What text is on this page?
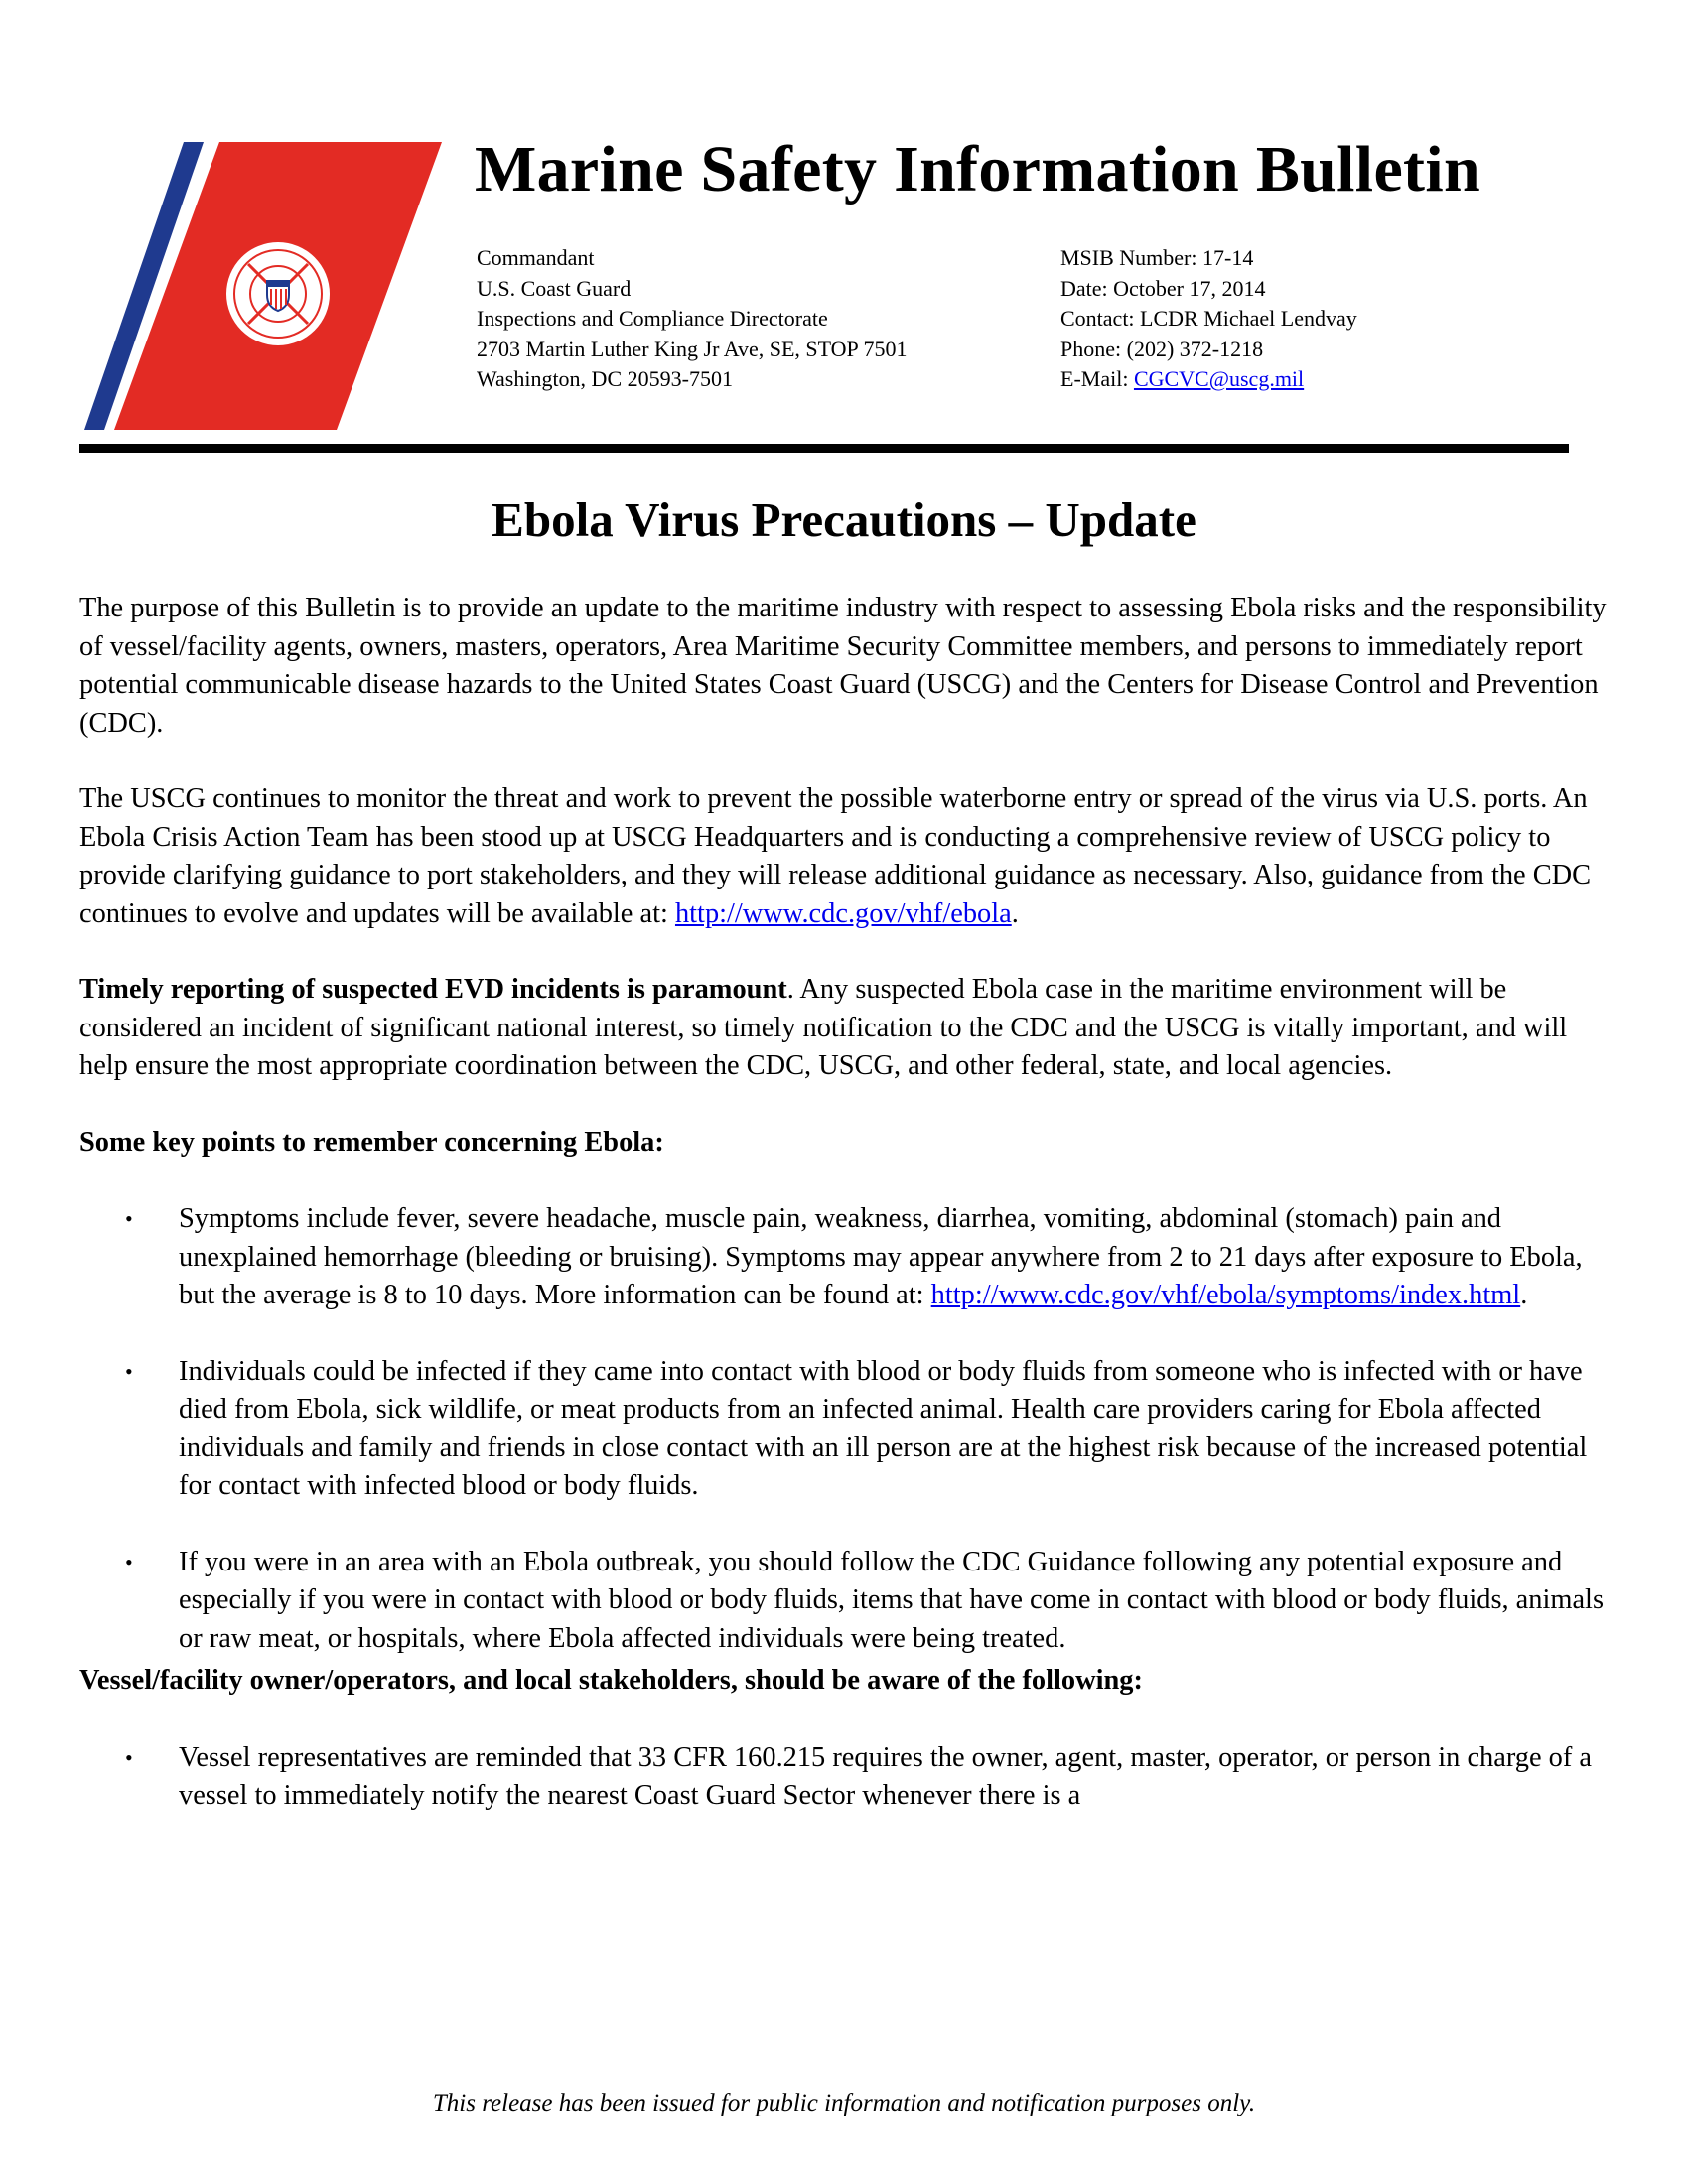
Marine Safety Information Bulletin
Commandant
U.S. Coast Guard
Inspections and Compliance Directorate
2703 Martin Luther King Jr Ave, SE, STOP 7501
Washington, DC 20593-7501
MSIB Number: 17-14
Date: October 17, 2014
Contact: LCDR Michael Lendvay
Phone: (202) 372-1218
E-Mail: CGCVC@uscg.mil
Ebola Virus Precautions – Update

The purpose of this Bulletin is to provide an update to the maritime industry with respect to assessing Ebola risks and the responsibility of vessel/facility agents, owners, masters, operators, Area Maritime Security Committee members, and persons to immediately report potential communicable disease hazards to the United States Coast Guard (USCG) and the Centers for Disease Control and Prevention (CDC).

The USCG continues to monitor the threat and work to prevent the possible waterborne entry or spread of the virus via U.S. ports. An Ebola Crisis Action Team has been stood up at USCG Headquarters and is conducting a comprehensive review of USCG policy to provide clarifying guidance to port stakeholders, and they will release additional guidance as necessary. Also, guidance from the CDC continues to evolve and updates will be available at: http://www.cdc.gov/vhf/ebola.

Timely reporting of suspected EVD incidents is paramount. Any suspected Ebola case in the maritime environment will be considered an incident of significant national interest, so timely notification to the CDC and the USCG is vitally important, and will help ensure the most appropriate coordination between the CDC, USCG, and other federal, state, and local agencies.

Some key points to remember concerning Ebola:

• Symptoms include fever, severe headache, muscle pain, weakness, diarrhea, vomiting, abdominal (stomach) pain and unexplained hemorrhage (bleeding or bruising). Symptoms may appear anywhere from 2 to 21 days after exposure to Ebola, but the average is 8 to 10 days. More information can be found at: http://www.cdc.gov/vhf/ebola/symptoms/index.html.
• Individuals could be infected if they came into contact with blood or body fluids from someone who is infected with or have died from Ebola, sick wildlife, or meat products from an infected animal. Health care providers caring for Ebola affected individuals and family and friends in close contact with an ill person are at the highest risk because of the increased potential for contact with infected blood or body fluids.
• If you were in an area with an Ebola outbreak, you should follow the CDC Guidance following any potential exposure and especially if you were in contact with blood or body fluids, items that have come in contact with blood or body fluids, animals or raw meat, or hospitals, where Ebola affected individuals were being treated.

Vessel/facility owner/operators, and local stakeholders, should be aware of the following:

• Vessel representatives are reminded that 33 CFR 160.215 requires the owner, agent, master, operator, or person in charge of a vessel to immediately notify the nearest Coast Guard Sector whenever there is a
This release has been issued for public information and notification purposes only.
